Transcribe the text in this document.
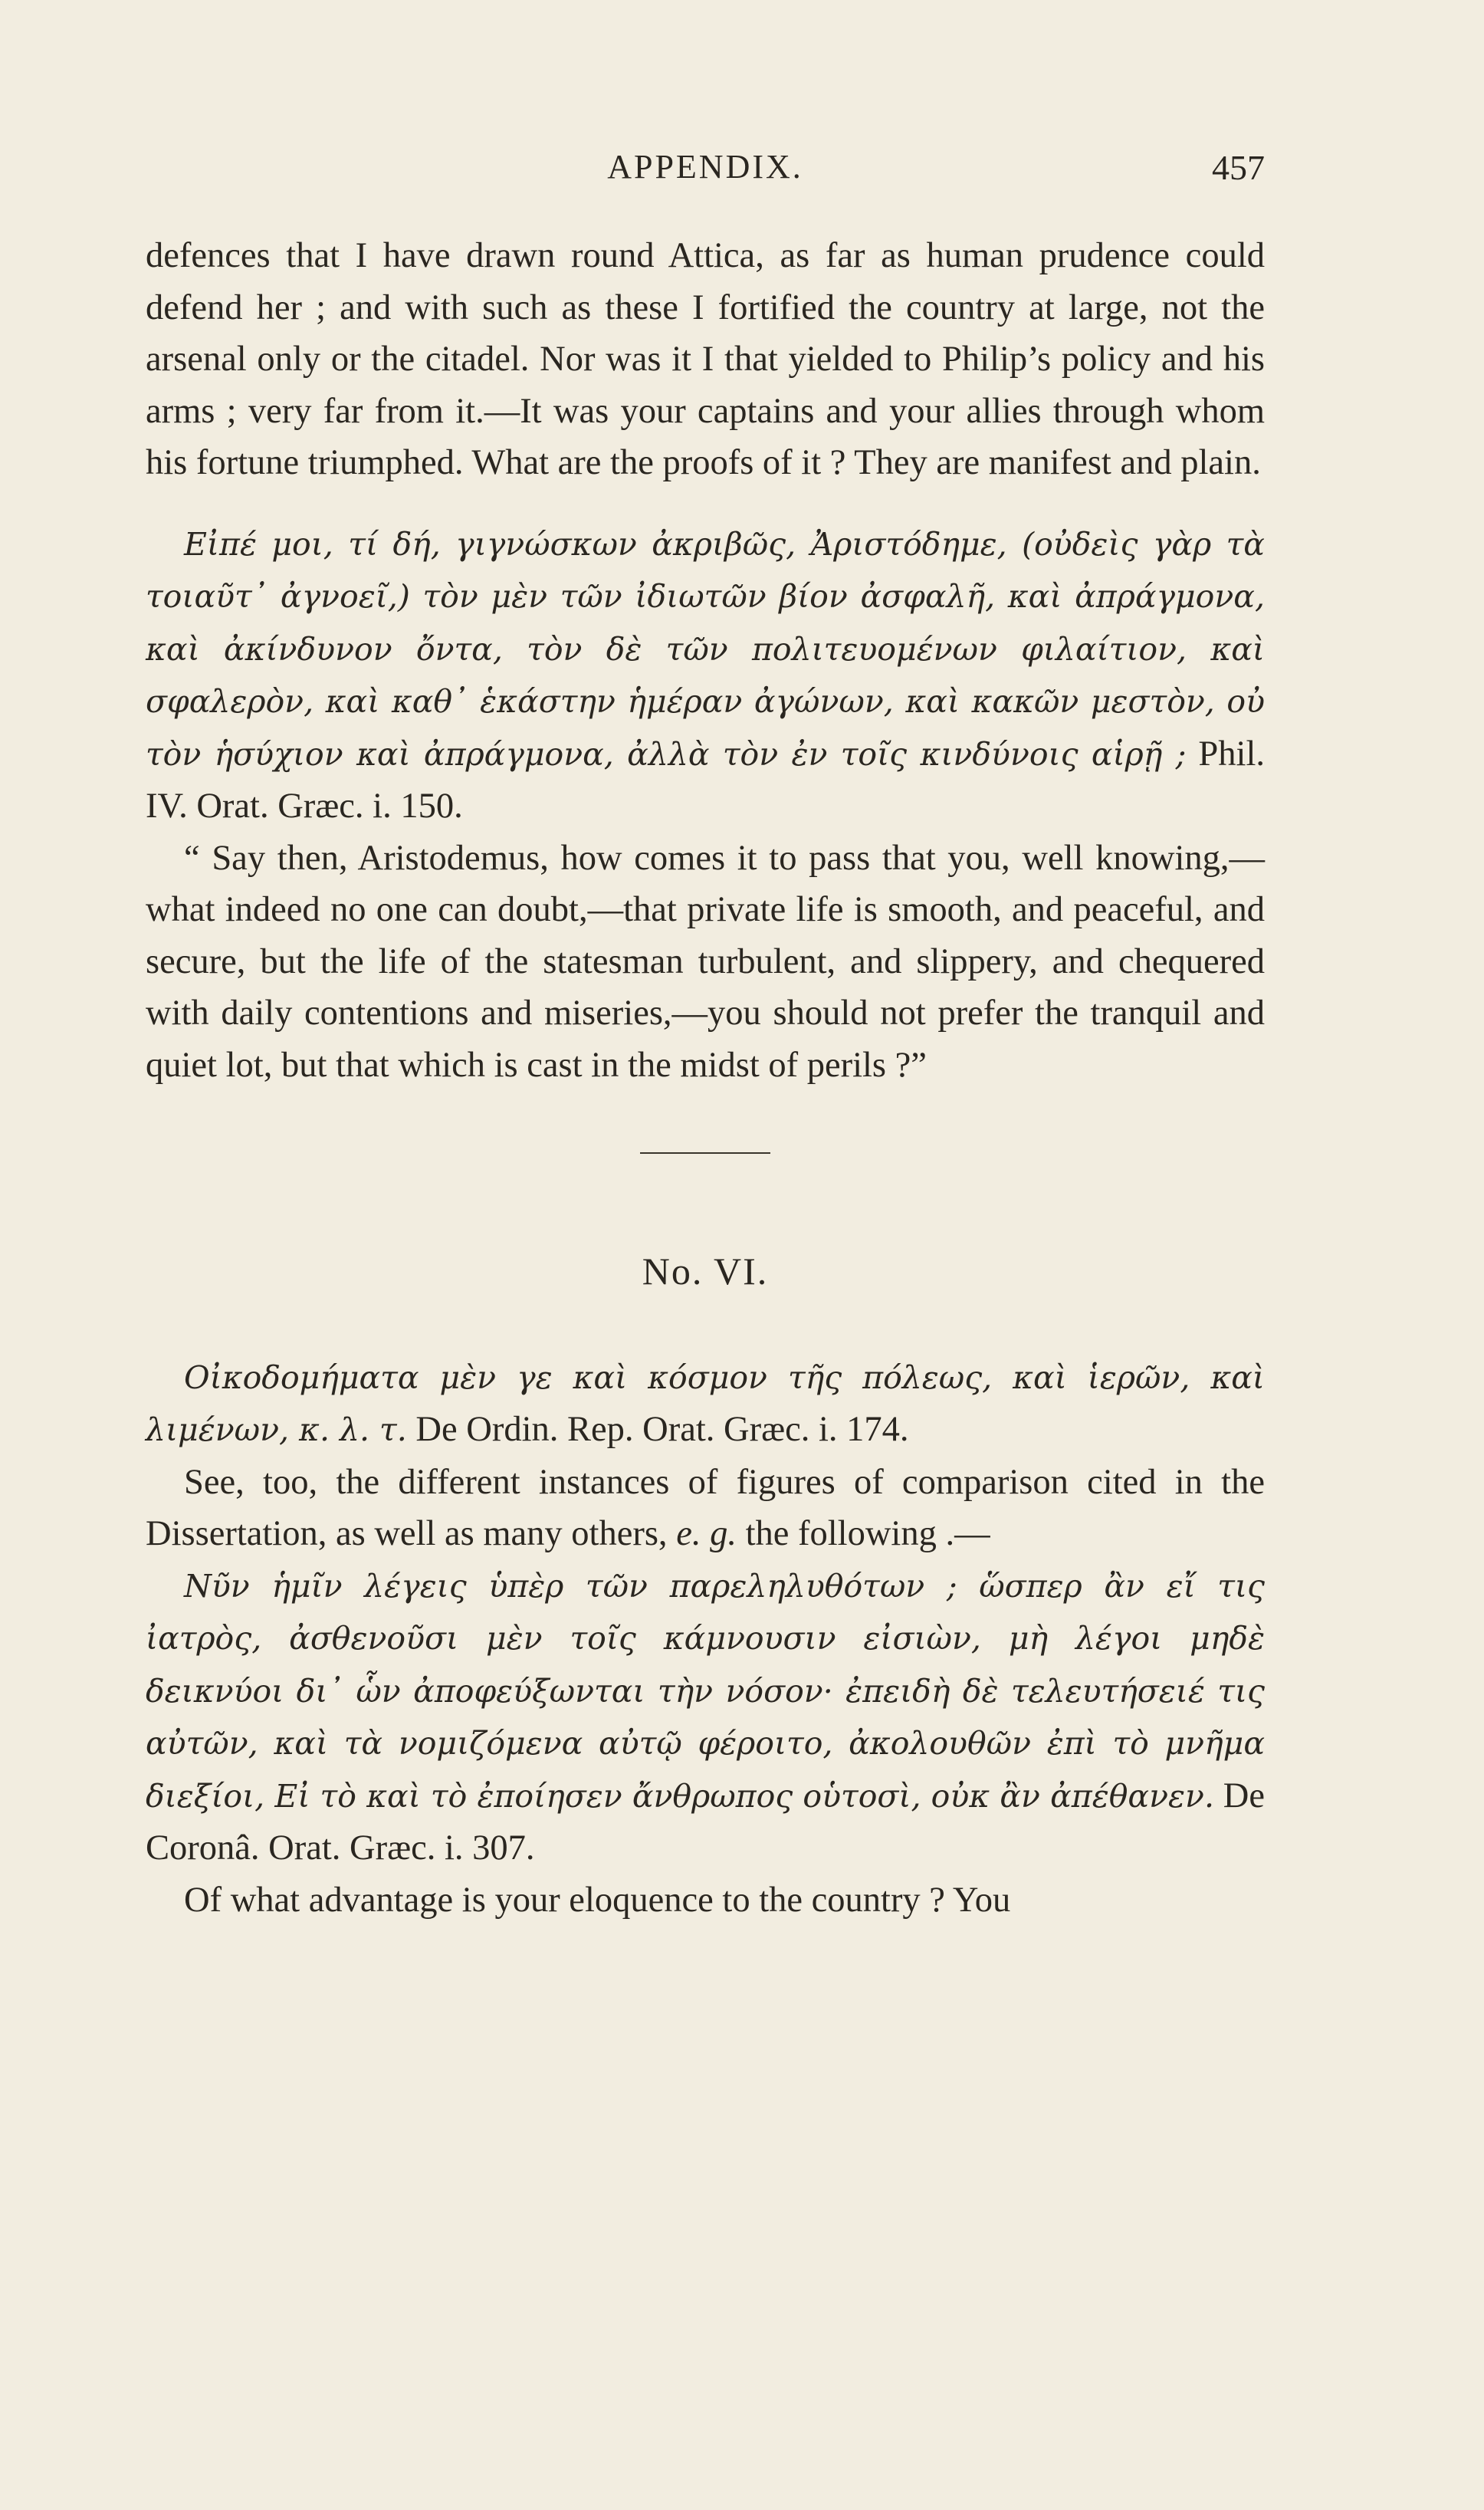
APPENDIX.	457

defences that I have drawn round Attica, as far as human prudence could defend her ; and with such as these I fortified the country at large, not the arsenal only or the citadel. Nor was it I that yielded to Philip’s policy and his arms ; very far from it.—It was your captains and your allies through whom his fortune triumphed. What are the proofs of it ? They are manifest and plain.

Εἰπέ μοι, τί δή, γιγνώσκων ἀκριβῶς, Ἀριστόδημε, (οὐδεὶς γὰρ τὰ τοιαῦτ᾽ ἀγνοεῖ,) τὸν μὲν τῶν ἰδιωτῶν βίον ἀσφαλῆ, καὶ ἀπράγμονα, καὶ ἀκίνδυνον ὄντα, τὸν δὲ τῶν πολιτευομένων φιλαίτιον, καὶ σφαλερὸν, καὶ καθ᾽ ἑκάστην ἡμέραν ἀγώνων, καὶ κακῶν μεστὸν, οὐ τὸν ἡσύχιον καὶ ἀπράγμονα, ἀλλὰ τὸν ἐν τοῖς κινδύνοις αἱρῇ ; Phil. IV. Orat. Græc. i. 150.

“ Say then, Aristodemus, how comes it to pass that you, well knowing,—what indeed no one can doubt,—that private life is smooth, and peaceful, and secure, but the life of the statesman turbulent, and slippery, and chequered with daily contentions and miseries,—you should not prefer the tranquil and quiet lot, but that which is cast in the midst of perils ?”

No. VI.

Οἰκοδομήματα μὲν γε καὶ κόσμον τῆς πόλεως, καὶ ἱερῶν, καὶ λιμένων, κ. λ. τ. De Ordin. Rep. Orat. Græc. i. 174.

See, too, the different instances of figures of comparison cited in the Dissertation, as well as many others, e. g. the following .—

Νῦν ἡμῖν λέγεις ὑπὲρ τῶν παρεληλυθότων ; ὥσπερ ἂν εἴ τις ἰατρὸς, ἀσθενοῦσι μὲν τοῖς κάμνουσιν εἰσιὼν, μὴ λέγοι μηδὲ δεικνύοι δι᾽ ὧν ἀποφεύξωνται τὴν νόσον· ἐπειδὴ δὲ τελευτήσειέ τις αὐτῶν, καὶ τὰ νομιζόμενα αὐτῷ φέροιτο, ἀκολουθῶν ἐπὶ τὸ μνῆμα διεξίοι, Εἰ τὸ καὶ τὸ ἐποίησεν ἄνθρωπος οὑτοσὶ, οὐκ ἂν ἀπέθανεν. De Coronâ. Orat. Græc. i. 307.

Of what advantage is your eloquence to the country ? You
